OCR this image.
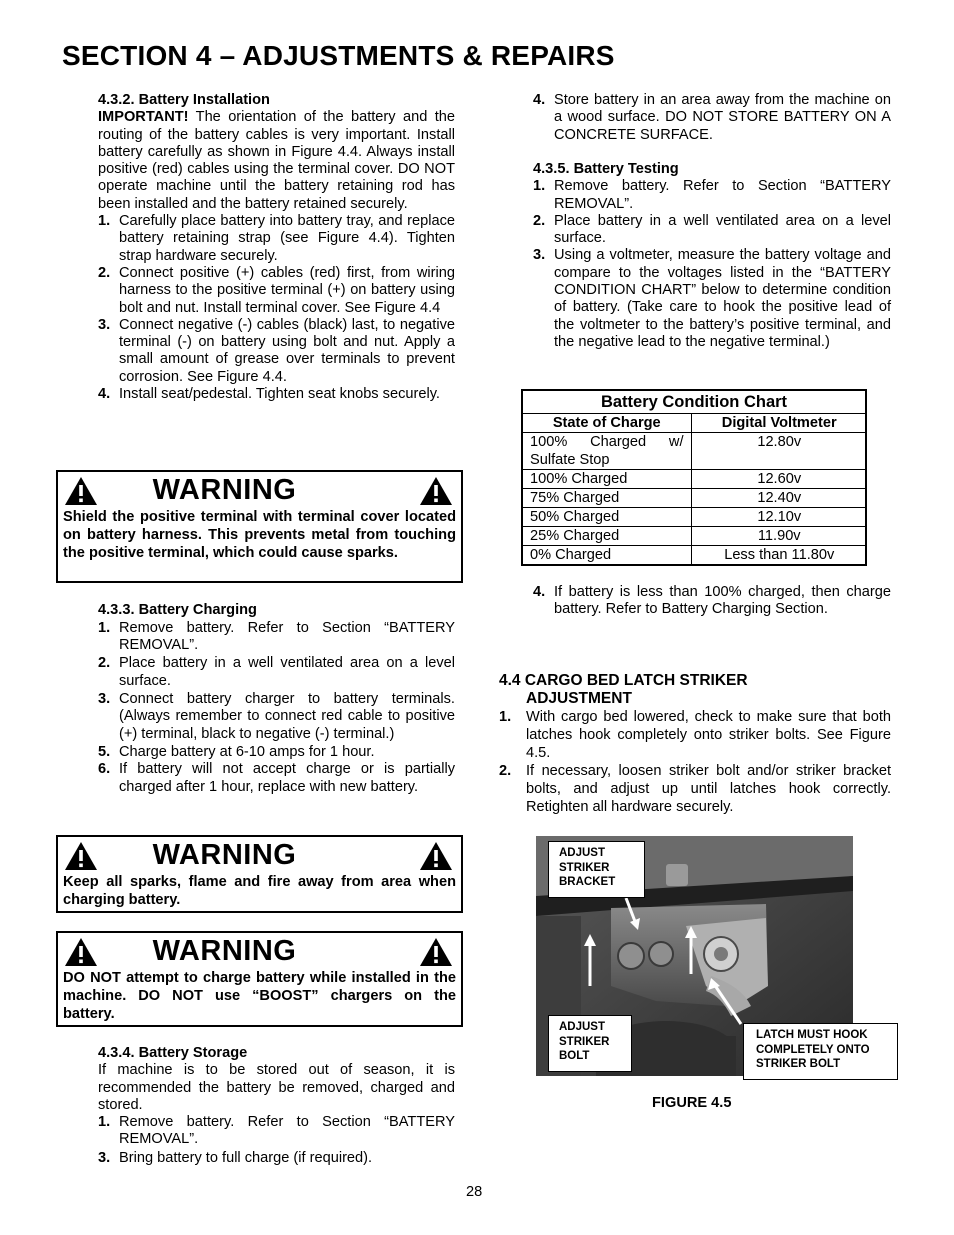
SECTION 4 – ADJUSTMENTS & REPAIRS
4.3.2. Battery Installation

IMPORTANT! The orientation of the battery and the routing of the battery cables is very important. Install battery carefully as shown in Figure 4.4. Always install positive (red) cables using the terminal cover. DO NOT operate machine until the battery retaining rod has been installed and the battery retained securely.

1. Carefully place battery into battery tray, and replace battery retaining strap (see Figure 4.4). Tighten strap hardware securely.
2. Connect positive (+) cables (red) first, from wiring harness to the positive terminal (+) on battery using bolt and nut. Install terminal cover. See Figure 4.4
3. Connect negative (-) cables (black) last, to negative terminal (-) on battery using bolt and nut. Apply a small amount of grease over terminals to prevent corrosion. See Figure 4.4.
4. Install seat/pedestal. Tighten seat knobs securely.
WARNING
Shield the positive terminal with terminal cover located on battery harness. This prevents metal from touching the positive terminal, which could cause sparks.
4.3.3. Battery Charging
1. Remove battery. Refer to Section “BATTERY REMOVAL”.
2. Place battery in a well ventilated area on a level surface.
3. Connect battery charger to battery terminals. (Always remember to connect red cable to positive (+) terminal, black to negative (-) terminal.)
5. Charge battery at 6-10 amps for 1 hour.
6. If battery will not accept charge or is partially charged after 1 hour, replace with new battery.
WARNING
Keep all sparks, flame and fire away from area when charging battery.
WARNING
DO NOT attempt to charge battery while installed in the machine. DO NOT use “BOOST” chargers on the battery.
4.3.4. Battery Storage

If machine is to be stored out of season, it is recommended the battery be removed, charged and stored.

1. Remove battery. Refer to Section “BATTERY REMOVAL”.
3. Bring battery to full charge (if required).
4. Store battery in an area away from the machine on a wood surface. DO NOT STORE BATTERY ON A CONCRETE SURFACE.
4.3.5. Battery Testing
1. Remove battery. Refer to Section “BATTERY REMOVAL”.
2. Place battery in a well ventilated area on a level surface.
3. Using a voltmeter, measure the battery voltage and compare to the voltages listed in the “BATTERY CONDITION CHART” below to determine condition of battery. (Take care to hook the positive lead of the voltmeter to the battery’s positive terminal, and the negative lead to the negative terminal.)
Battery Condition Chart
State of Charge	Digital Voltmeter
100% Charged w/ Sulfate Stop	12.80v
100% Charged	12.60v
75% Charged	12.40v
50% Charged	12.10v
25% Charged	11.90v
0% Charged	Less than 11.80v
4. If battery is less than 100% charged, then charge battery. Refer to Battery Charging Section.
4.4 CARGO BED LATCH STRIKER
ADJUSTMENT
1. With cargo bed lowered, check to make sure that both latches hook completely onto striker bolts. See Figure 4.5.
2. If necessary, loosen striker bolt and/or striker bracket bolts, and adjust up until latches hook correctly. Retighten all hardware securely.
ADJUST STRIKER BRACKET
ADJUST STRIKER BOLT
LATCH MUST HOOK COMPLETELY ONTO STRIKER BOLT
FIGURE 4.5
28
